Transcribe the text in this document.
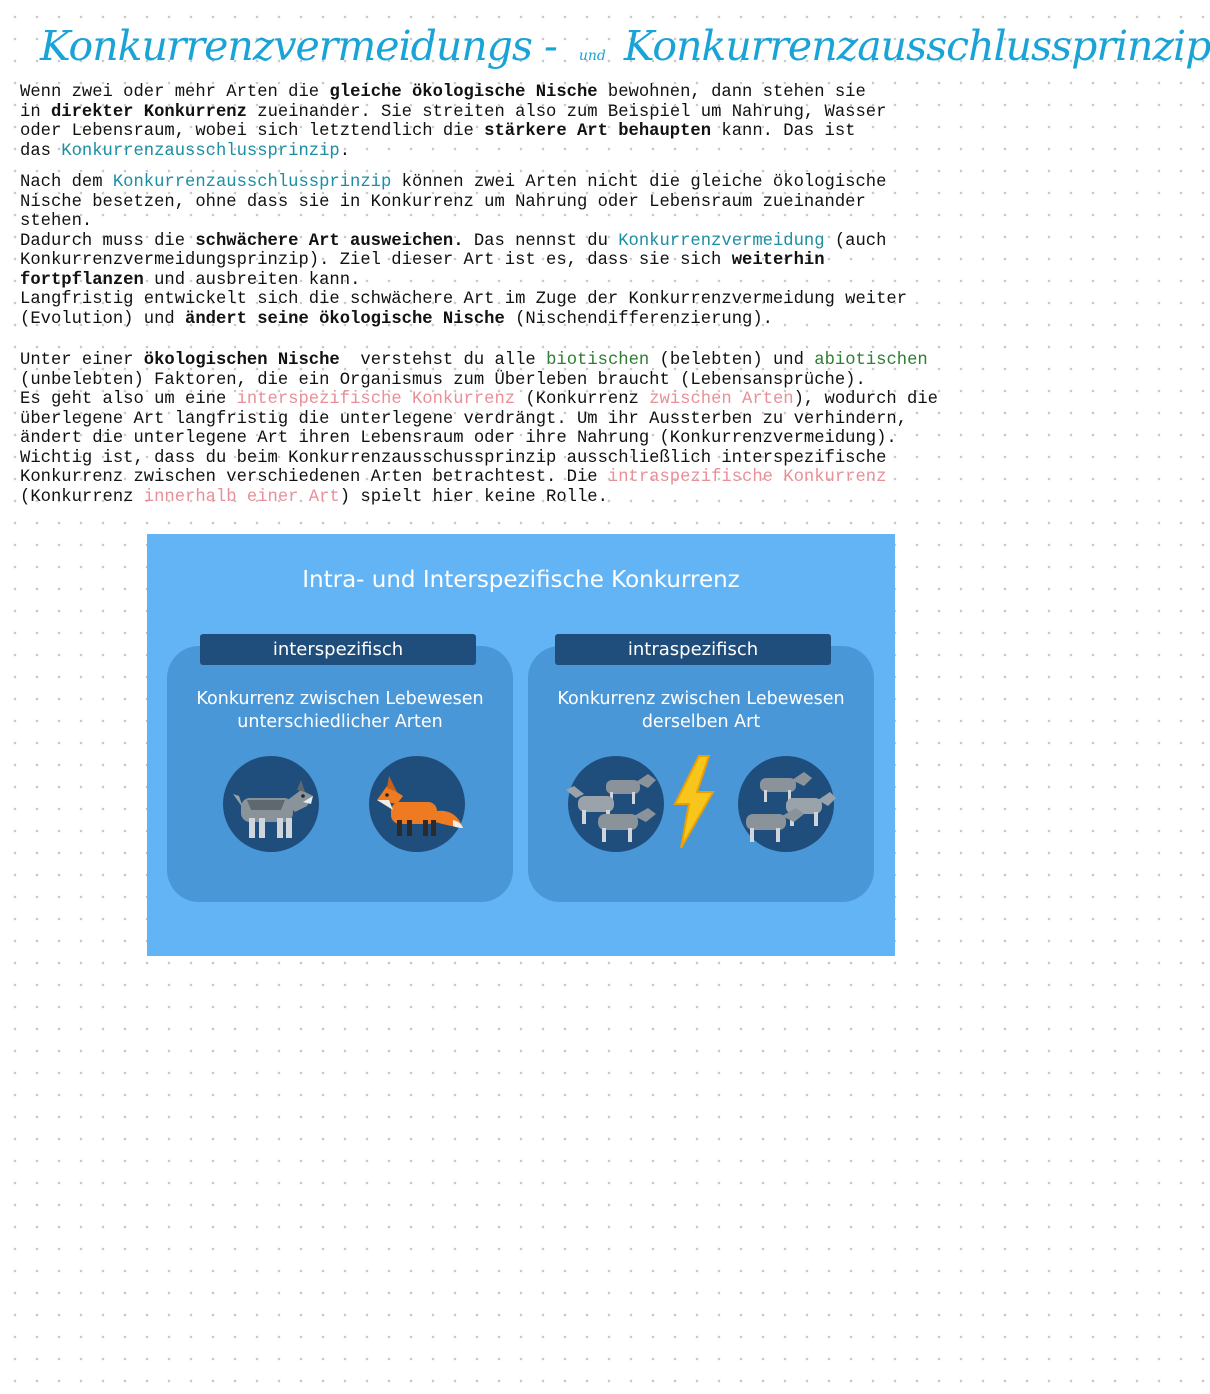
Konkurrenzvermeidungs - und Konkurrenzausschlussprinzip
Wenn zwei oder mehr Arten die gleiche ökologische Nische bewohnen, dann stehen sie
in direkter Konkurrenz zueinander. Sie streiten also zum Beispiel um Nahrung, Wasser
oder Lebensraum, wobei sich letztendlich die stärkere Art behaupten kann. Das ist
das Konkurrenzausschlussprinzip.
Nach dem Konkurrenzausschlussprinzip können zwei Arten nicht die gleiche ökologische
Nische besetzen, ohne dass sie in Konkurrenz um Nahrung oder Lebensraum zueinander
stehen.
Dadurch muss die schwächere Art ausweichen. Das nennst du Konkurrenzvermeidung (auch
Konkurrenzvermeidungsprinzip). Ziel dieser Art ist es, dass sie sich weiterhin
fortpflanzen und ausbreiten kann.
Langfristig entwickelt sich die schwächere Art im Zuge der Konkurrenzvermeidung weiter
(Evolution) und ändert seine ökologische Nische (Nischendifferenzierung).
Unter einer ökologischen Nische  verstehst du alle biotischen (belebten) und abiotischen
(unbelebten) Faktoren, die ein Organismus zum Überleben braucht (Lebensansprüche).
Es geht also um eine interspezifische Konkurrenz (Konkurrenz zwischen Arten), wodurch die
überlegene Art langfristig die unterlegene verdrängt. Um ihr Aussterben zu verhindern,
ändert die unterlegene Art ihren Lebensraum oder ihre Nahrung (Konkurrenzvermeidung).
Wichtig ist, dass du beim Konkurrenzausschussprinzip ausschließlich interspezifische
Konkurrenz zwischen verschiedenen Arten betrachtest. Die intraspezifische Konkurrenz
(Konkurrenz innerhalb einer Art) spielt hier keine Rolle.
Intra- und Interspezifische Konkurrenz
Konkurrenz zwischen Lebewesen
unterschiedlicher Arten
Konkurrenz zwischen Lebewesen
derselben Art
interspezifisch	intraspezifisch
